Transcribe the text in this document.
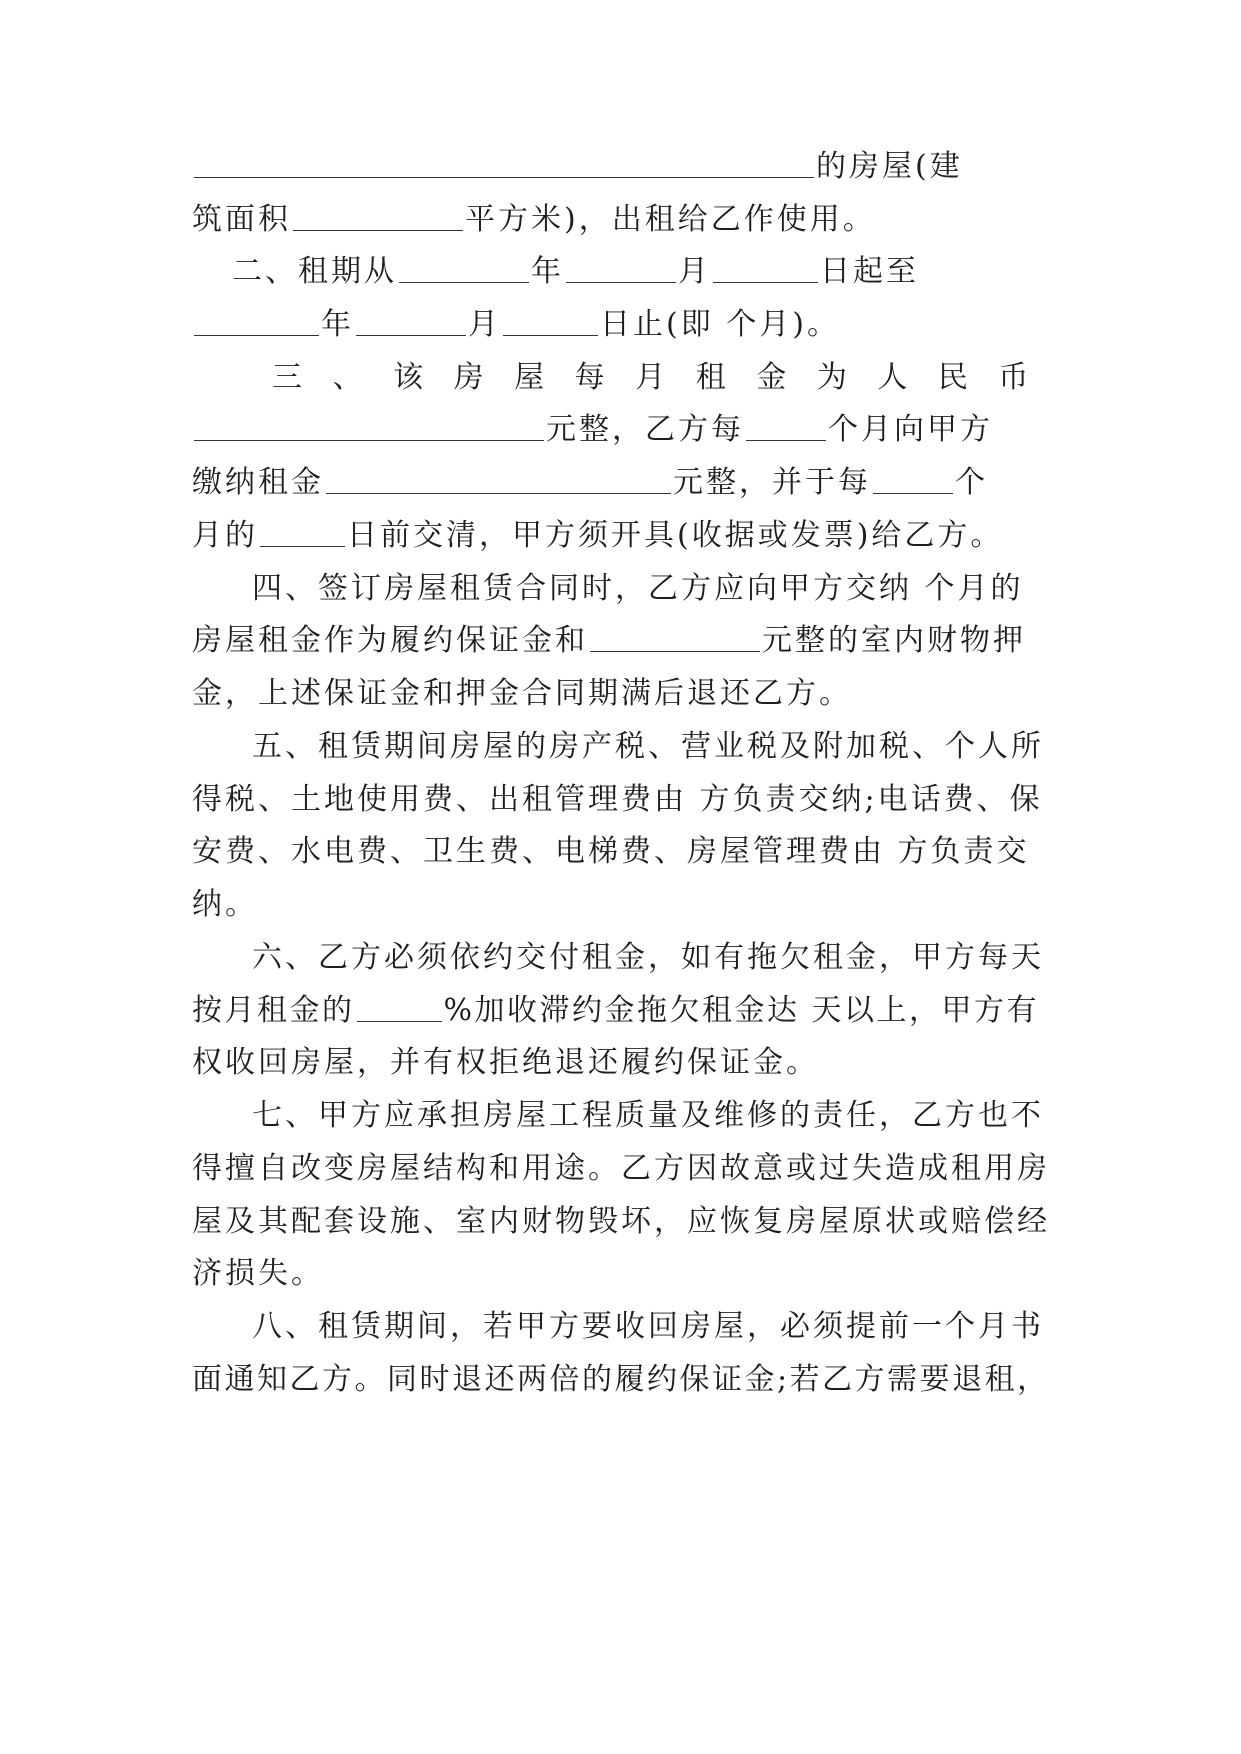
的房屋(建
筑面积	平方米)，出租给乙作使用。
二、租期从	年	月	日起至
年	月	日止(即 个月)。
三 、 该 房 屋 每 月 租 金 为 人 民 币
元整，乙方每	个月向甲方
缴纳租金	元整，并于每	个
月的	日前交清，甲方须开具(收据或发票)给乙方。
四、签订房屋租赁合同时，乙方应向甲方交纳 个月的
房屋租金作为履约保证金和	元整的室内财物押
金，上述保证金和押金合同期满后退还乙方。
五、租赁期间房屋的房产税、营业税及附加税、个人所
得税、土地使用费、出租管理费由 方负责交纳;电话费、保
安费、水电费、卫生费、电梯费、房屋管理费由 方负责交
纳。
六、乙方必须依约交付租金，如有拖欠租金，甲方每天
按月租金的	%加收滞约金拖欠租金达 天以上，甲方有
权收回房屋，并有权拒绝退还履约保证金。
七、甲方应承担房屋工程质量及维修的责任，乙方也不
得擅自改变房屋结构和用途。乙方因故意或过失造成租用房
屋及其配套设施、室内财物毁坏，应恢复房屋原状或赔偿经
济损失。
八、租赁期间，若甲方要收回房屋，必须提前一个月书
面通知乙方。同时退还两倍的履约保证金;若乙方需要退租，
